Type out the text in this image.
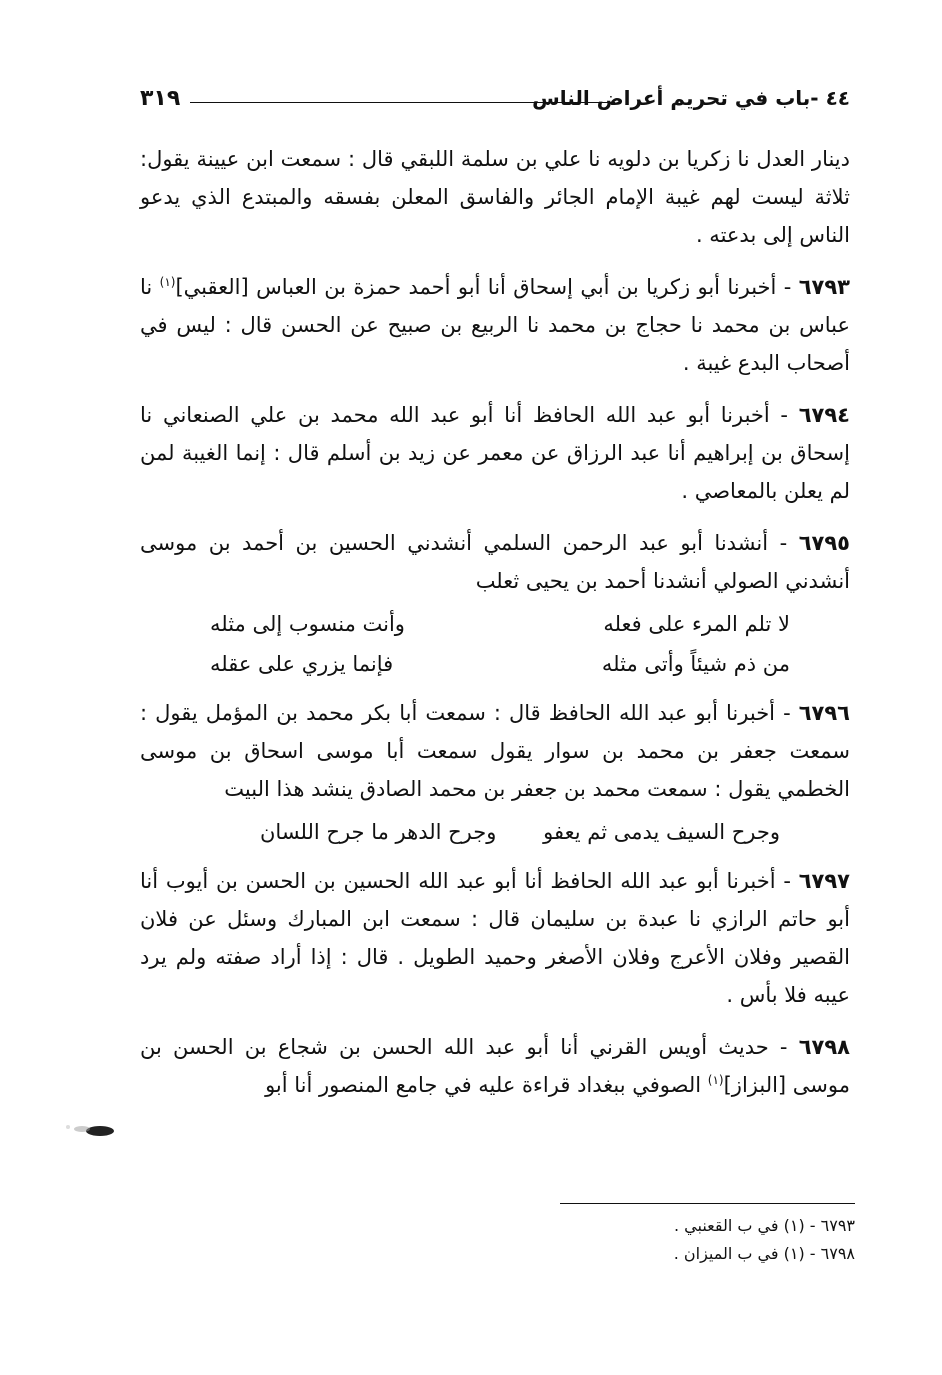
٤٤ -باب في تحريم أعراض الناس
٣١٩

دينار العدل نا زكريا بن دلويه نا علي بن سلمة اللبقي قال : سمعت ابن عيينة يقول: ثلاثة ليست لهم غيبة الإمام الجائر والفاسق المعلن بفسقه والمبتدع الذي يدعو الناس إلى بدعته .

٦٧٩٣ - أخبرنا أبو زكريا بن أبي إسحاق أنا أبو أحمد حمزة بن العباس [العقبي]$^{(١)}$ نا عباس بن محمد نا حجاج بن محمد نا الربيع بن صبيح عن الحسن قال : ليس في أصحاب البدع غيبة .

٦٧٩٤ - أخبرنا أبو عبد الله الحافظ أنا أبو عبد الله محمد بن علي الصنعاني نا إسحاق بن إبراهيم أنا عبد الرزاق عن معمر عن زيد بن أسلم قال : إنما الغيبة لمن لم يعلن بالمعاصي .

٦٧٩٥ - أنشدنا أبو عبد الرحمن السلمي أنشدني الحسين بن أحمد بن موسى أنشدني الصولي أنشدنا أحمد بن يحيى ثعلب

لا تلم المرء على فعله
وأنت منسوب إلى مثله
من ذم شيئاً وأتى مثله
فإنما يزري على عقله

٦٧٩٦ - أخبرنا أبو عبد الله الحافظ قال : سمعت أبا بكر محمد بن المؤمل يقول : سمعت جعفر بن محمد بن سوار يقول سمعت أبا موسى اسحاق بن موسى الخطمي يقول : سمعت محمد بن جعفر بن محمد الصادق ينشد هذا البيت

وجرح السيف يدمى ثم يعفو
وجرح الدهر ما جرح اللسان

٦٧٩٧ - أخبرنا أبو عبد الله الحافظ أنا أبو عبد الله الحسين بن الحسن بن أيوب أنا أبو حاتم الرازي نا عبدة بن سليمان قال : سمعت ابن المبارك وسئل عن فلان القصير وفلان الأعرج وفلان الأصغر وحميد الطويل . قال : إذا أراد صفته ولم يرد عيبه فلا بأس .

٦٧٩٨ - حديث أويس القرني أنا أبو عبد الله الحسن بن شجاع بن الحسن بن موسى [البزاز]$^{(١)}$ الصوفي ببغداد قراءة عليه في جامع المنصور أنا أبو

٦٧٩٣ - (١) في ب القعنبي .

٦٧٩٨ - (١) في ب الميزان .
